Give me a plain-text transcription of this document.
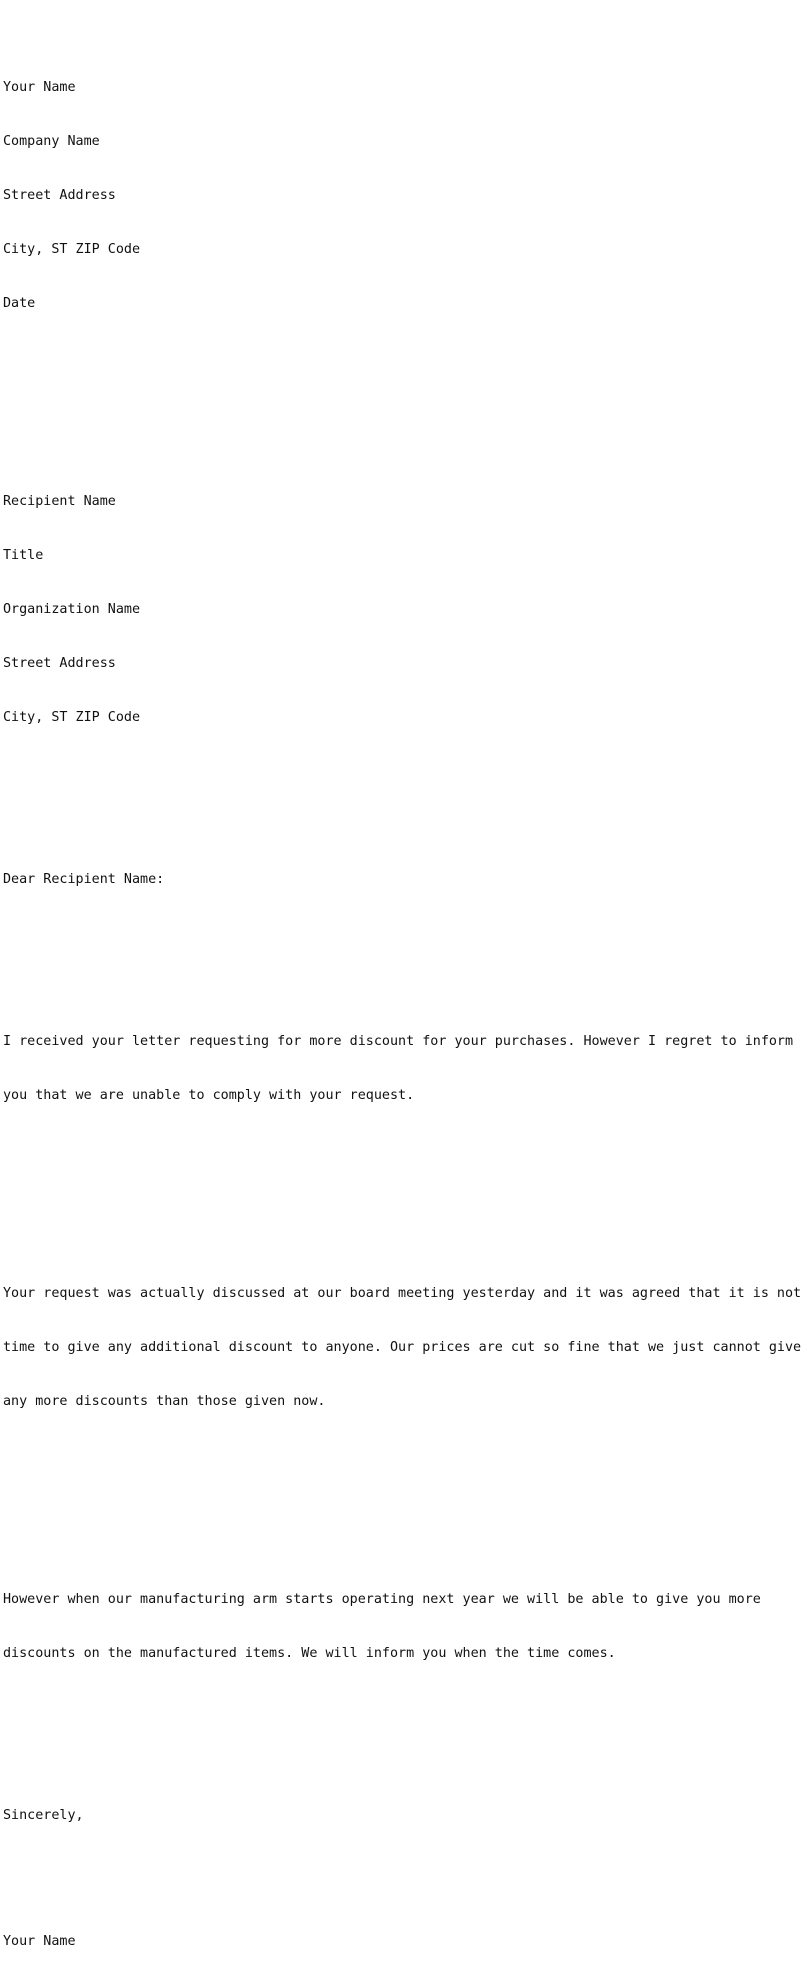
Your Name

Company Name

Street Address

City, ST ZIP Code

Date

Recipient Name

Title

Organization Name

Street Address

City, ST ZIP Code

Dear Recipient Name:

I received your letter requesting for more discount for your purchases. However I regret to inform

you that we are unable to comply with your request.

Your request was actually discussed at our board meeting yesterday and it was agreed that it is not

time to give any additional discount to anyone. Our prices are cut so fine that we just cannot give

any more discounts than those given now.

However when our manufacturing arm starts operating next year we will be able to give you more

discounts on the manufactured items. We will inform you when the time comes.

Sincerely,

Your Name
